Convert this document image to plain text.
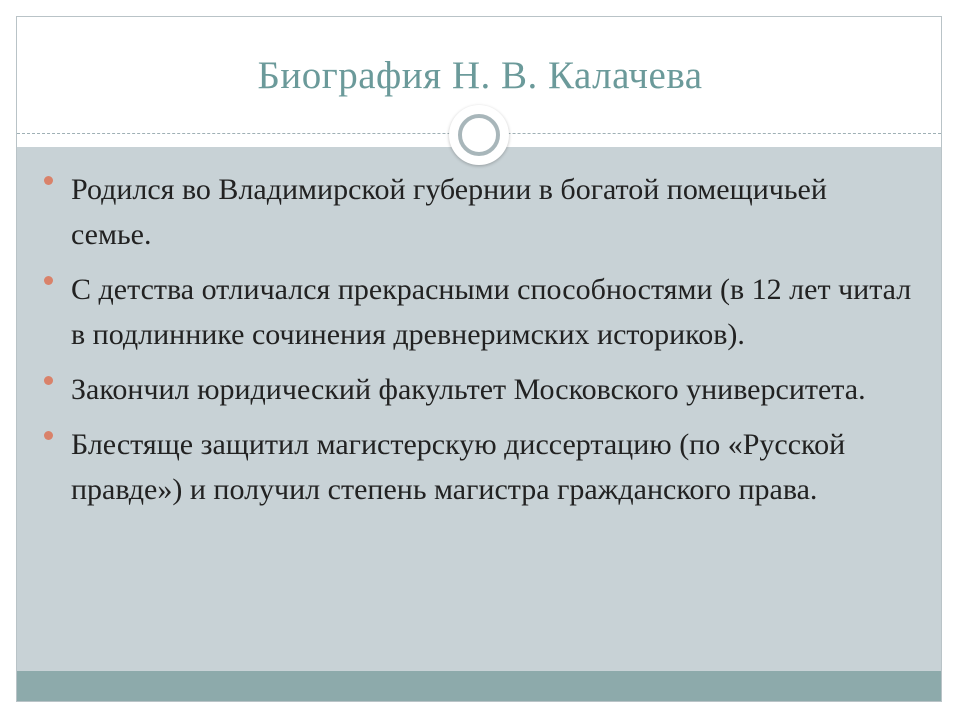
Биография Н. В. Калачева
Родился во Владимирской губернии в богатой помещичьей семье.
С детства отличался прекрасными способностями (в 12 лет читал в подлиннике сочинения древнеримских историков).
Закончил юридический факультет Московского университета.
Блестяще защитил магистерскую диссертацию (по «Русской правде») и получил степень магистра гражданского права.
